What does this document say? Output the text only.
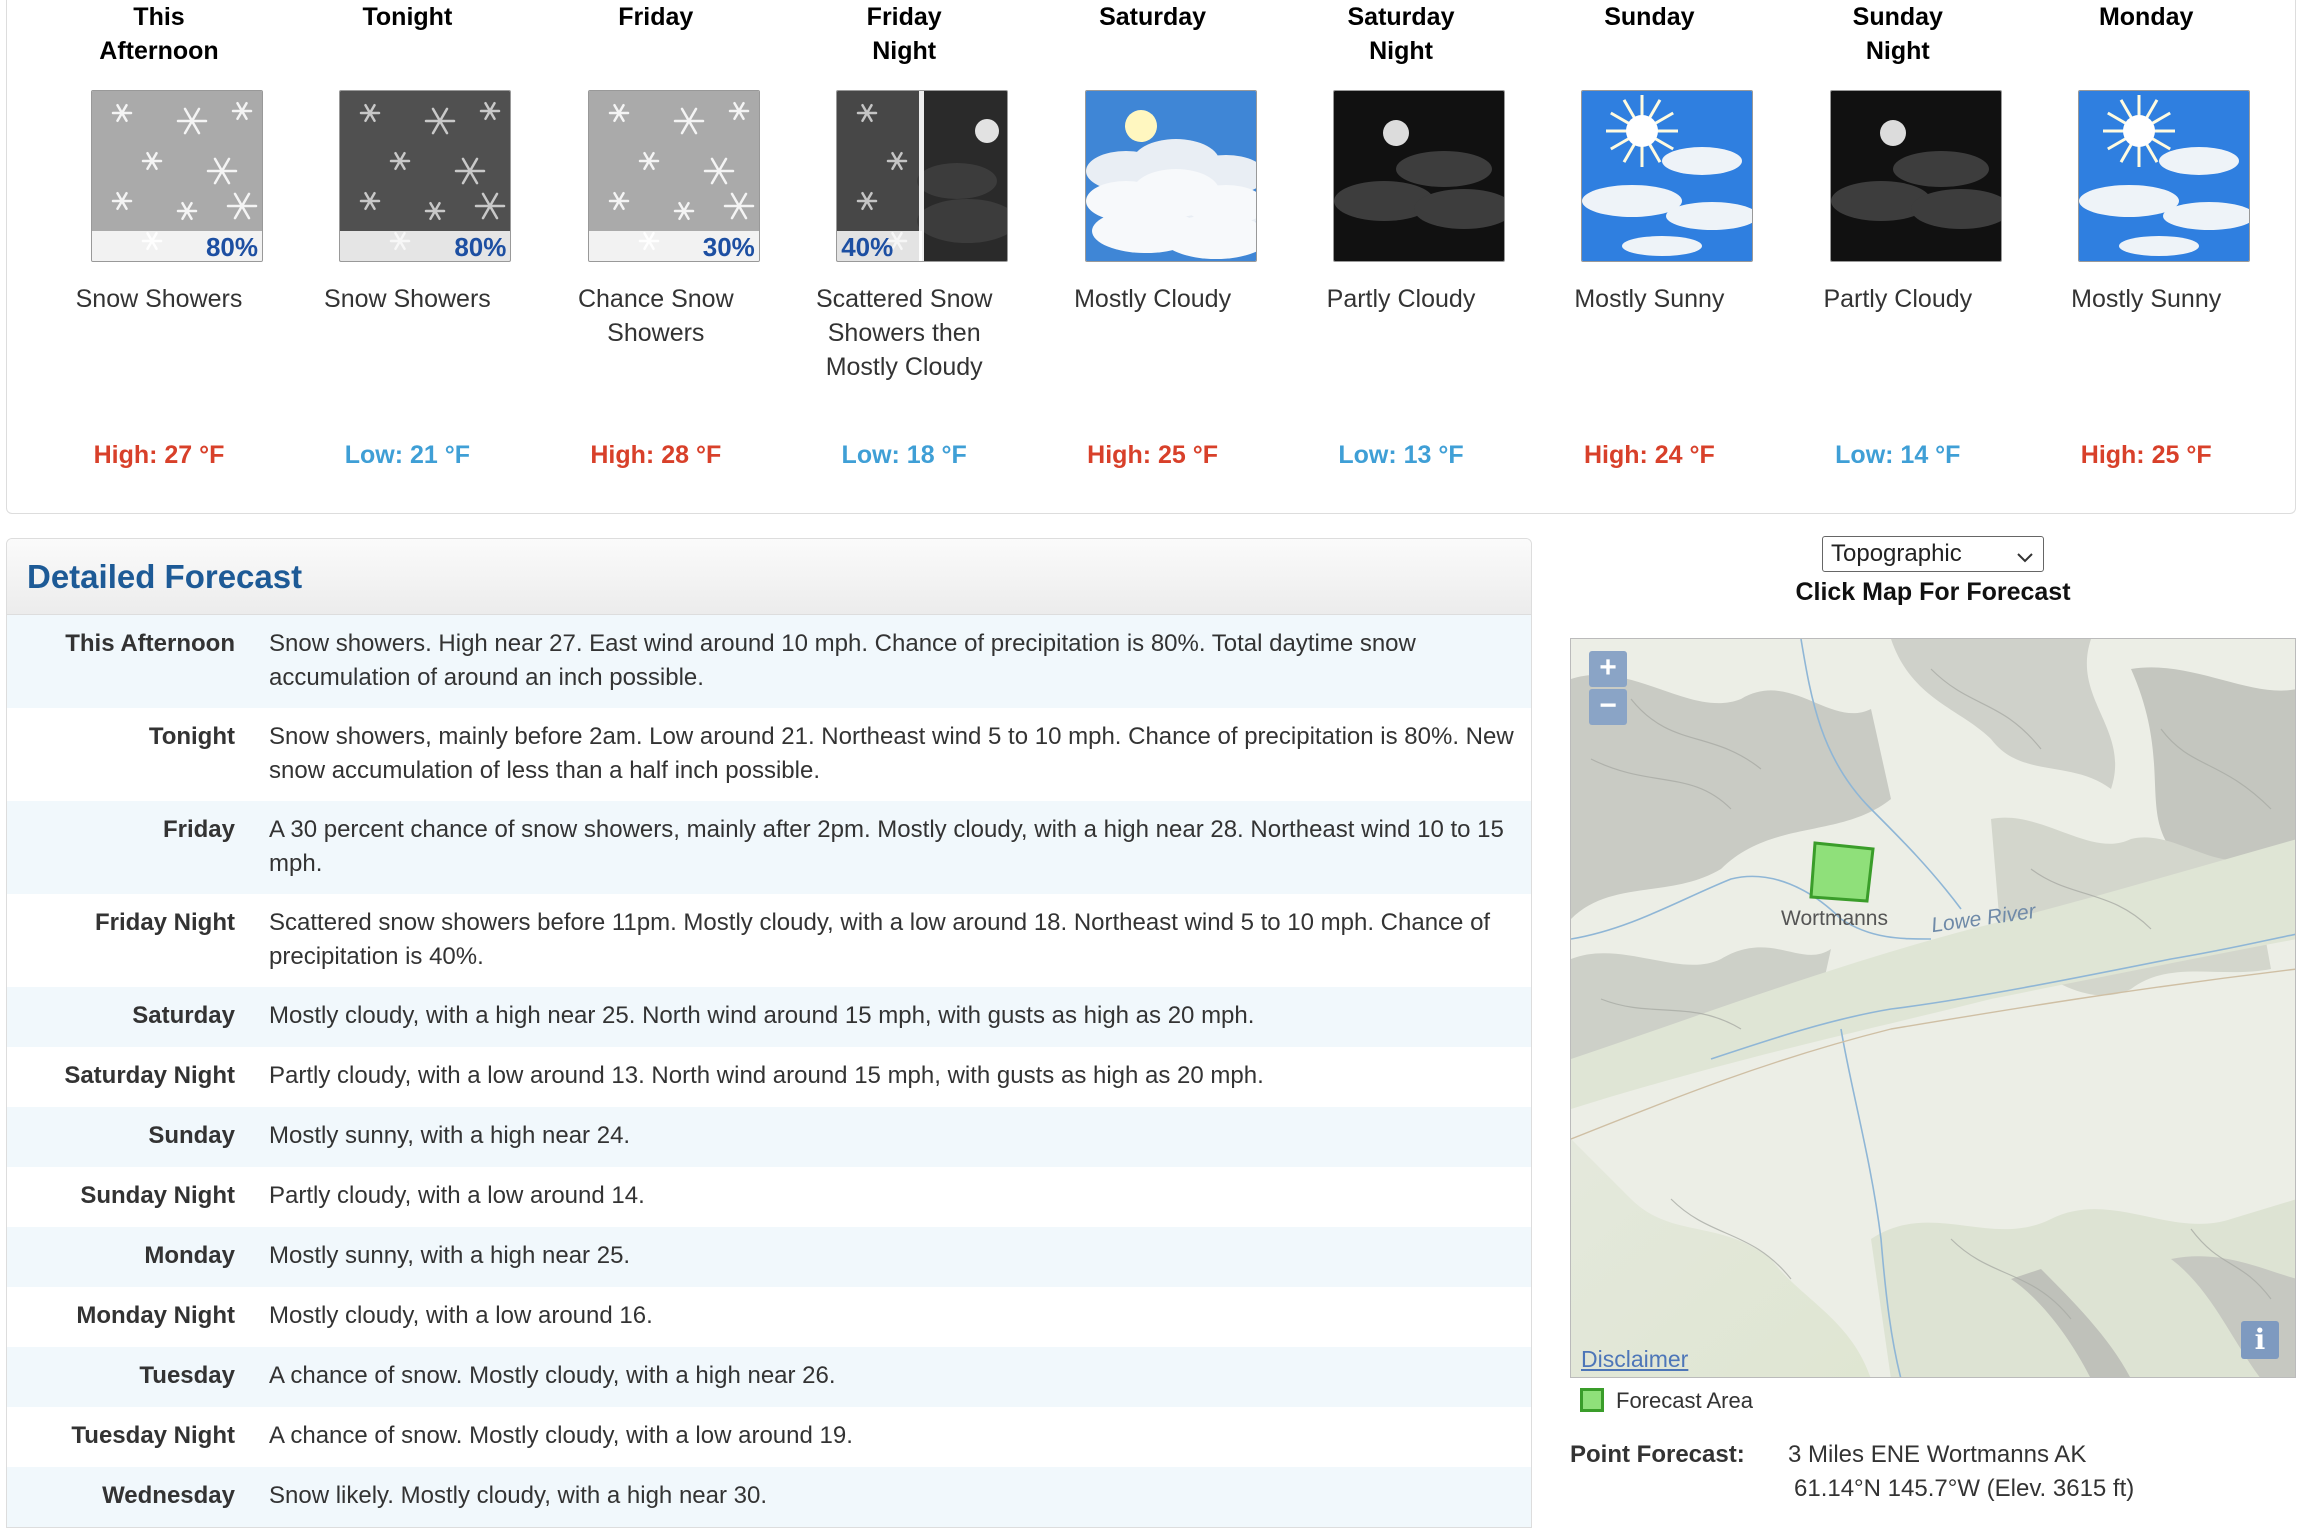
This
Afternoon
80%
Snow Showers
High: 27 °F
Tonight
80%
Snow Showers
Low: 21 °F
Friday
30%
Chance Snow Showers
High: 28 °F
Friday
Night
40%
Scattered Snow Showers then Mostly Cloudy
Low: 18 °F
Saturday
Mostly Cloudy
High: 25 °F
Saturday
Night
Partly Cloudy
Low: 13 °F
Sunday
Mostly Sunny
High: 24 °F
Sunday
Night
Partly Cloudy
Low: 14 °F
Monday
Mostly Sunny
High: 25 °F
Detailed Forecast
This Afternoon Snow showers. High near 27. East wind around 10 mph. Chance of precipitation is 80%. Total daytime snow accumulation of around an inch possible.
Tonight Snow showers, mainly before 2am. Low around 21. Northeast wind 5 to 10 mph. Chance of precipitation is 80%. New snow accumulation of less than a half inch possible.
Friday A 30 percent chance of snow showers, mainly after 2pm. Mostly cloudy, with a high near 28. Northeast wind 10 to 15 mph.
Friday Night Scattered snow showers before 11pm. Mostly cloudy, with a low around 18. Northeast wind 5 to 10 mph. Chance of precipitation is 40%.
Saturday Mostly cloudy, with a high near 25. North wind around 15 mph, with gusts as high as 20 mph.
Saturday Night Partly cloudy, with a low around 13. North wind around 15 mph, with gusts as high as 20 mph.
Sunday Mostly sunny, with a high near 24.
Sunday Night Partly cloudy, with a low around 14.
Monday Mostly sunny, with a high near 25.
Monday Night Mostly cloudy, with a low around 16.
Tuesday A chance of snow. Mostly cloudy, with a high near 26.
Tuesday Night A chance of snow. Mostly cloudy, with a low around 19.
Wednesday Snow likely. Mostly cloudy, with a high near 30.
Topographic
Click Map For Forecast
+
−
Wortmanns Lowe River
i
Disclaimer
Forecast Area
Point Forecast: 3 Miles ENE Wortmanns AK
61.14°N 145.7°W (Elev. 3615 ft)
